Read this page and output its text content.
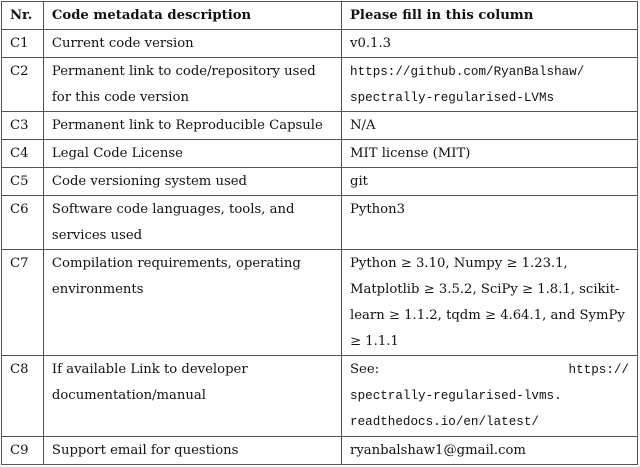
Nr.	Code metadata description	Please fill in this column
C1	Current code version	v0.1.3
C2	Permanent link to code/repository used for this code version	https://github.com/RyanBalshaw/
spectrally-regularised-LVMs

C3	Permanent link to Reproducible Capsule	N/A
C4	Legal Code License	MIT license (MIT)
C5	Code versioning system used	git
C6	Software code languages, tools, and services used	Python3
C7	Compilation requirements, operating environments	Python ≥ 3.10, Numpy ≥ 1.23.1, Matplotlib ≥ 3.5.2, SciPy ≥ 1.8.1, scikit-learn ≥ 1.1.2, tqdm ≥ 4.64.1, and SymPy ≥ 1.1.1
C8	If available Link to developer documentation/manual	See: https://
spectrally-regularised-lvms.
readthedocs.io/en/latest/

C9	Support email for questions	ryanbalshaw1@gmail.com
